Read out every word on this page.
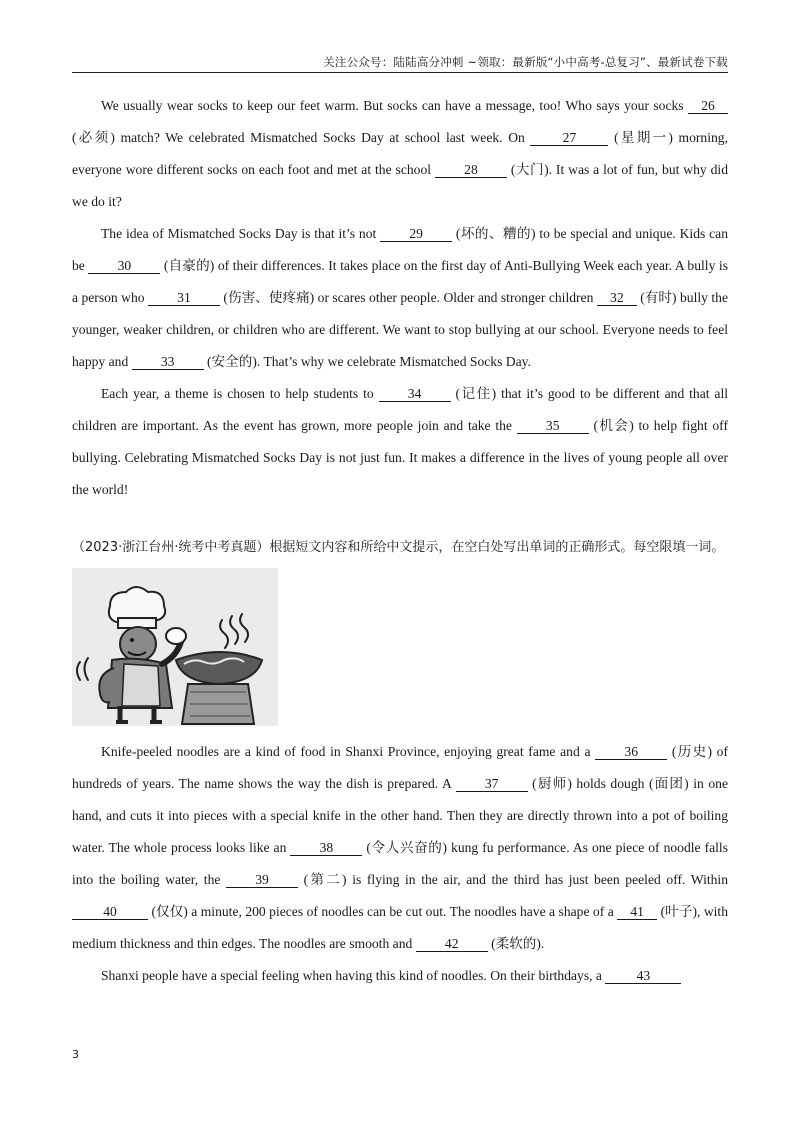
关注公众号：陆陆高分冲刺 ~领取：最新版“小中高考-总复习”、最新试卷下载

We usually wear socks to keep our feet warm. But socks can have a message, too! Who says your socks 26 (必须) match? We celebrated Mismatched Socks Day at school last week. On 27 (星期一) morning, everyone wore different socks on each foot and met at the school 28 (大门). It was a lot of fun, but why did we do it?

The idea of Mismatched Socks Day is that it’s not 29 (坏的、糟的) to be special and unique. Kids can be 30 (自豪的) of their differences. It takes place on the first day of Anti-Bullying Week each year. A bully is a person who 31 (伤害、使疼痛) or scares other people. Older and stronger children 32 (有时) bully the younger, weaker children, or children who are different. We want to stop bullying at our school. Everyone needs to feel happy and 33 (安全的). That’s why we celebrate Mismatched Socks Day.

Each year, a theme is chosen to help students to 34 (记住) that it’s good to be different and that all children are important. As the event has grown, more people join and take the 35 (机会) to help fight off bullying. Celebrating Mismatched Socks Day is not just fun. It makes a difference in the lives of young people all over the world!

（2023·浙江台州·统考中考真题）根据短文内容和所给中文提示，在空白处写出单词的正确形式。每空限填一词。

Knife-peeled noodles are a kind of food in Shanxi Province, enjoying great fame and a 36 (历史) of hundreds of years. The name shows the way the dish is prepared. A 37 (厨师) holds dough (面团) in one hand, and cuts it into pieces with a special knife in the other hand. Then they are directly thrown into a pot of boiling water. The whole process looks like an 38 (令人兴奋的) kung fu performance. As one piece of noodle falls into the boiling water, the 39 (第二) is flying in the air, and the third has just been peeled off. Within 40 (仅仅) a minute, 200 pieces of noodles can be cut out. The noodles have a shape of a 41 (叶子), with medium thickness and thin edges. The noodles are smooth and 42 (柔软的).

Shanxi people have a special feeling when having this kind of noodles. On their birthdays, a 43

3
